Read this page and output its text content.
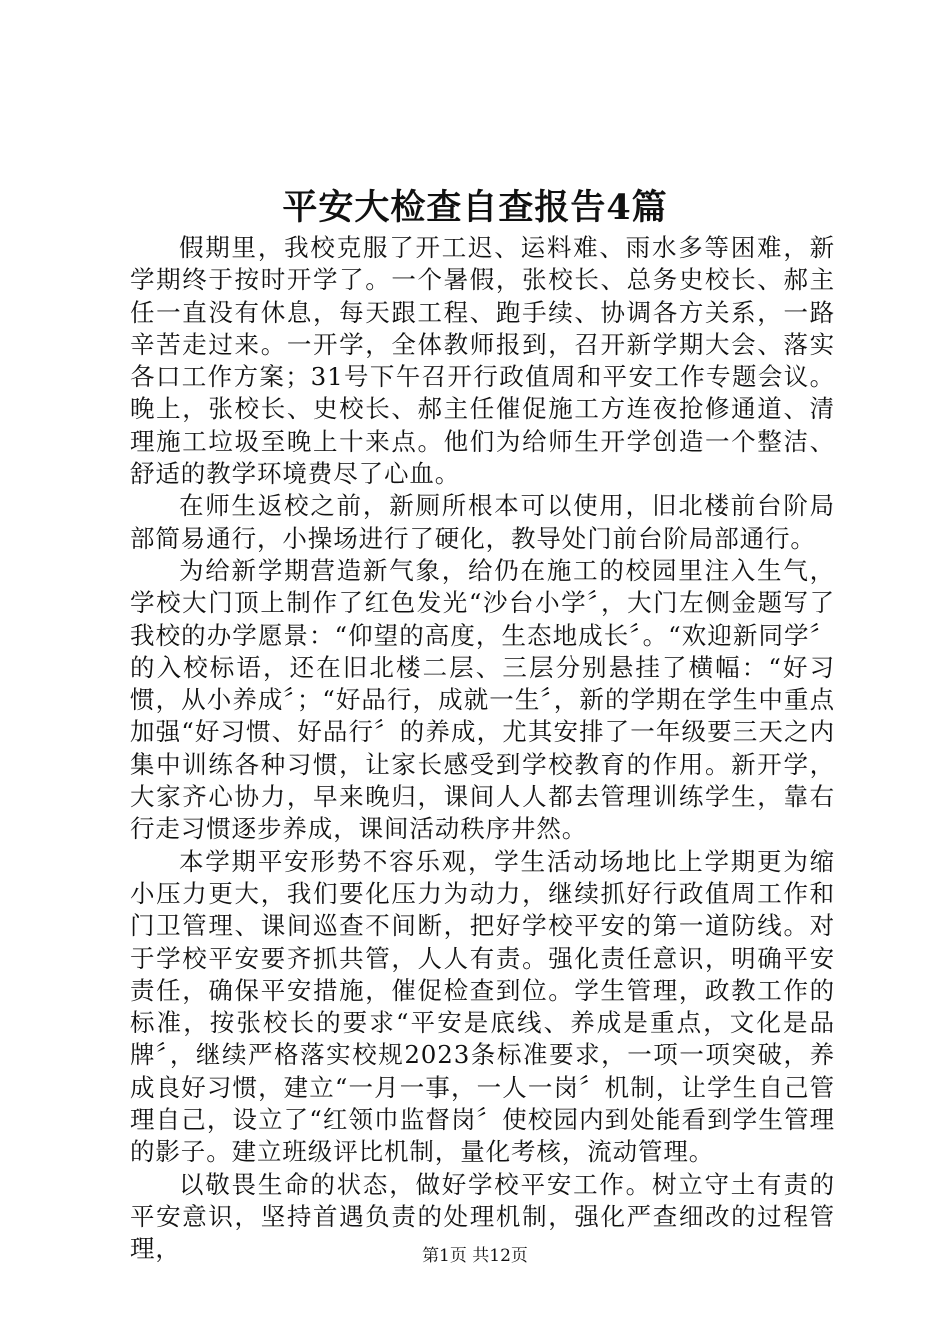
平安大检查自查报告4篇

假期里，我校克服了开工迟、运料难、雨水多等困难，新学期终于按时开学了。一个暑假，张校长、总务史校长、郝主任一直没有休息，每天跟工程、跑手续、协调各方关系，一路辛苦走过来。一开学，全体教师报到，召开新学期大会、落实各口工作方案；31号下午召开行政值周和平安工作专题会议。晚上，张校长、史校长、郝主任催促施工方连夜抢修通道、清理施工垃圾至晚上十来点。他们为给师生开学创造一个整洁、舒适的教学环境费尽了心血。

在师生返校之前，新厕所根本可以使用，旧北楼前台阶局部简易通行，小操场进行了硬化，教导处门前台阶局部通行。

为给新学期营造新气象，给仍在施工的校园里注入生气，学校大门顶上制作了红色发光“沙台小学〞，大门左侧金题写了我校的办学愿景：“仰望的高度，生态地成长〞。“欢迎新同学〞的入校标语，还在旧北楼二层、三层分别悬挂了横幅：“好习惯，从小养成〞；“好品行，成就一生〞，新的学期在学生中重点加强“好习惯、好品行〞的养成，尤其安排了一年级要三天之内集中训练各种习惯，让家长感受到学校教育的作用。新开学，大家齐心协力，早来晚归，课间人人都去管理训练学生，靠右行走习惯逐步养成，课间活动秩序井然。

本学期平安形势不容乐观，学生活动场地比上学期更为缩小压力更大，我们要化压力为动力，继续抓好行政值周工作和门卫管理、课间巡查不间断，把好学校平安的第一道防线。对于学校平安要齐抓共管，人人有责。强化责任意识，明确平安责任，确保平安措施，催促检查到位。学生管理，政教工作的标准，按张校长的要求“平安是底线、养成是重点，文化是品牌〞，继续严格落实校规2023条标准要求，一项一项突破，养成良好习惯，建立“一月一事，一人一岗〞机制，让学生自己管理自己，设立了“红领巾监督岗〞使校园内到处能看到学生管理的影子。建立班级评比机制，量化考核，流动管理。

以敬畏生命的状态，做好学校平安工作。树立守土有责的平安意识，坚持首遇负责的处理机制，强化严查细改的过程管理，	第1页 共12页
